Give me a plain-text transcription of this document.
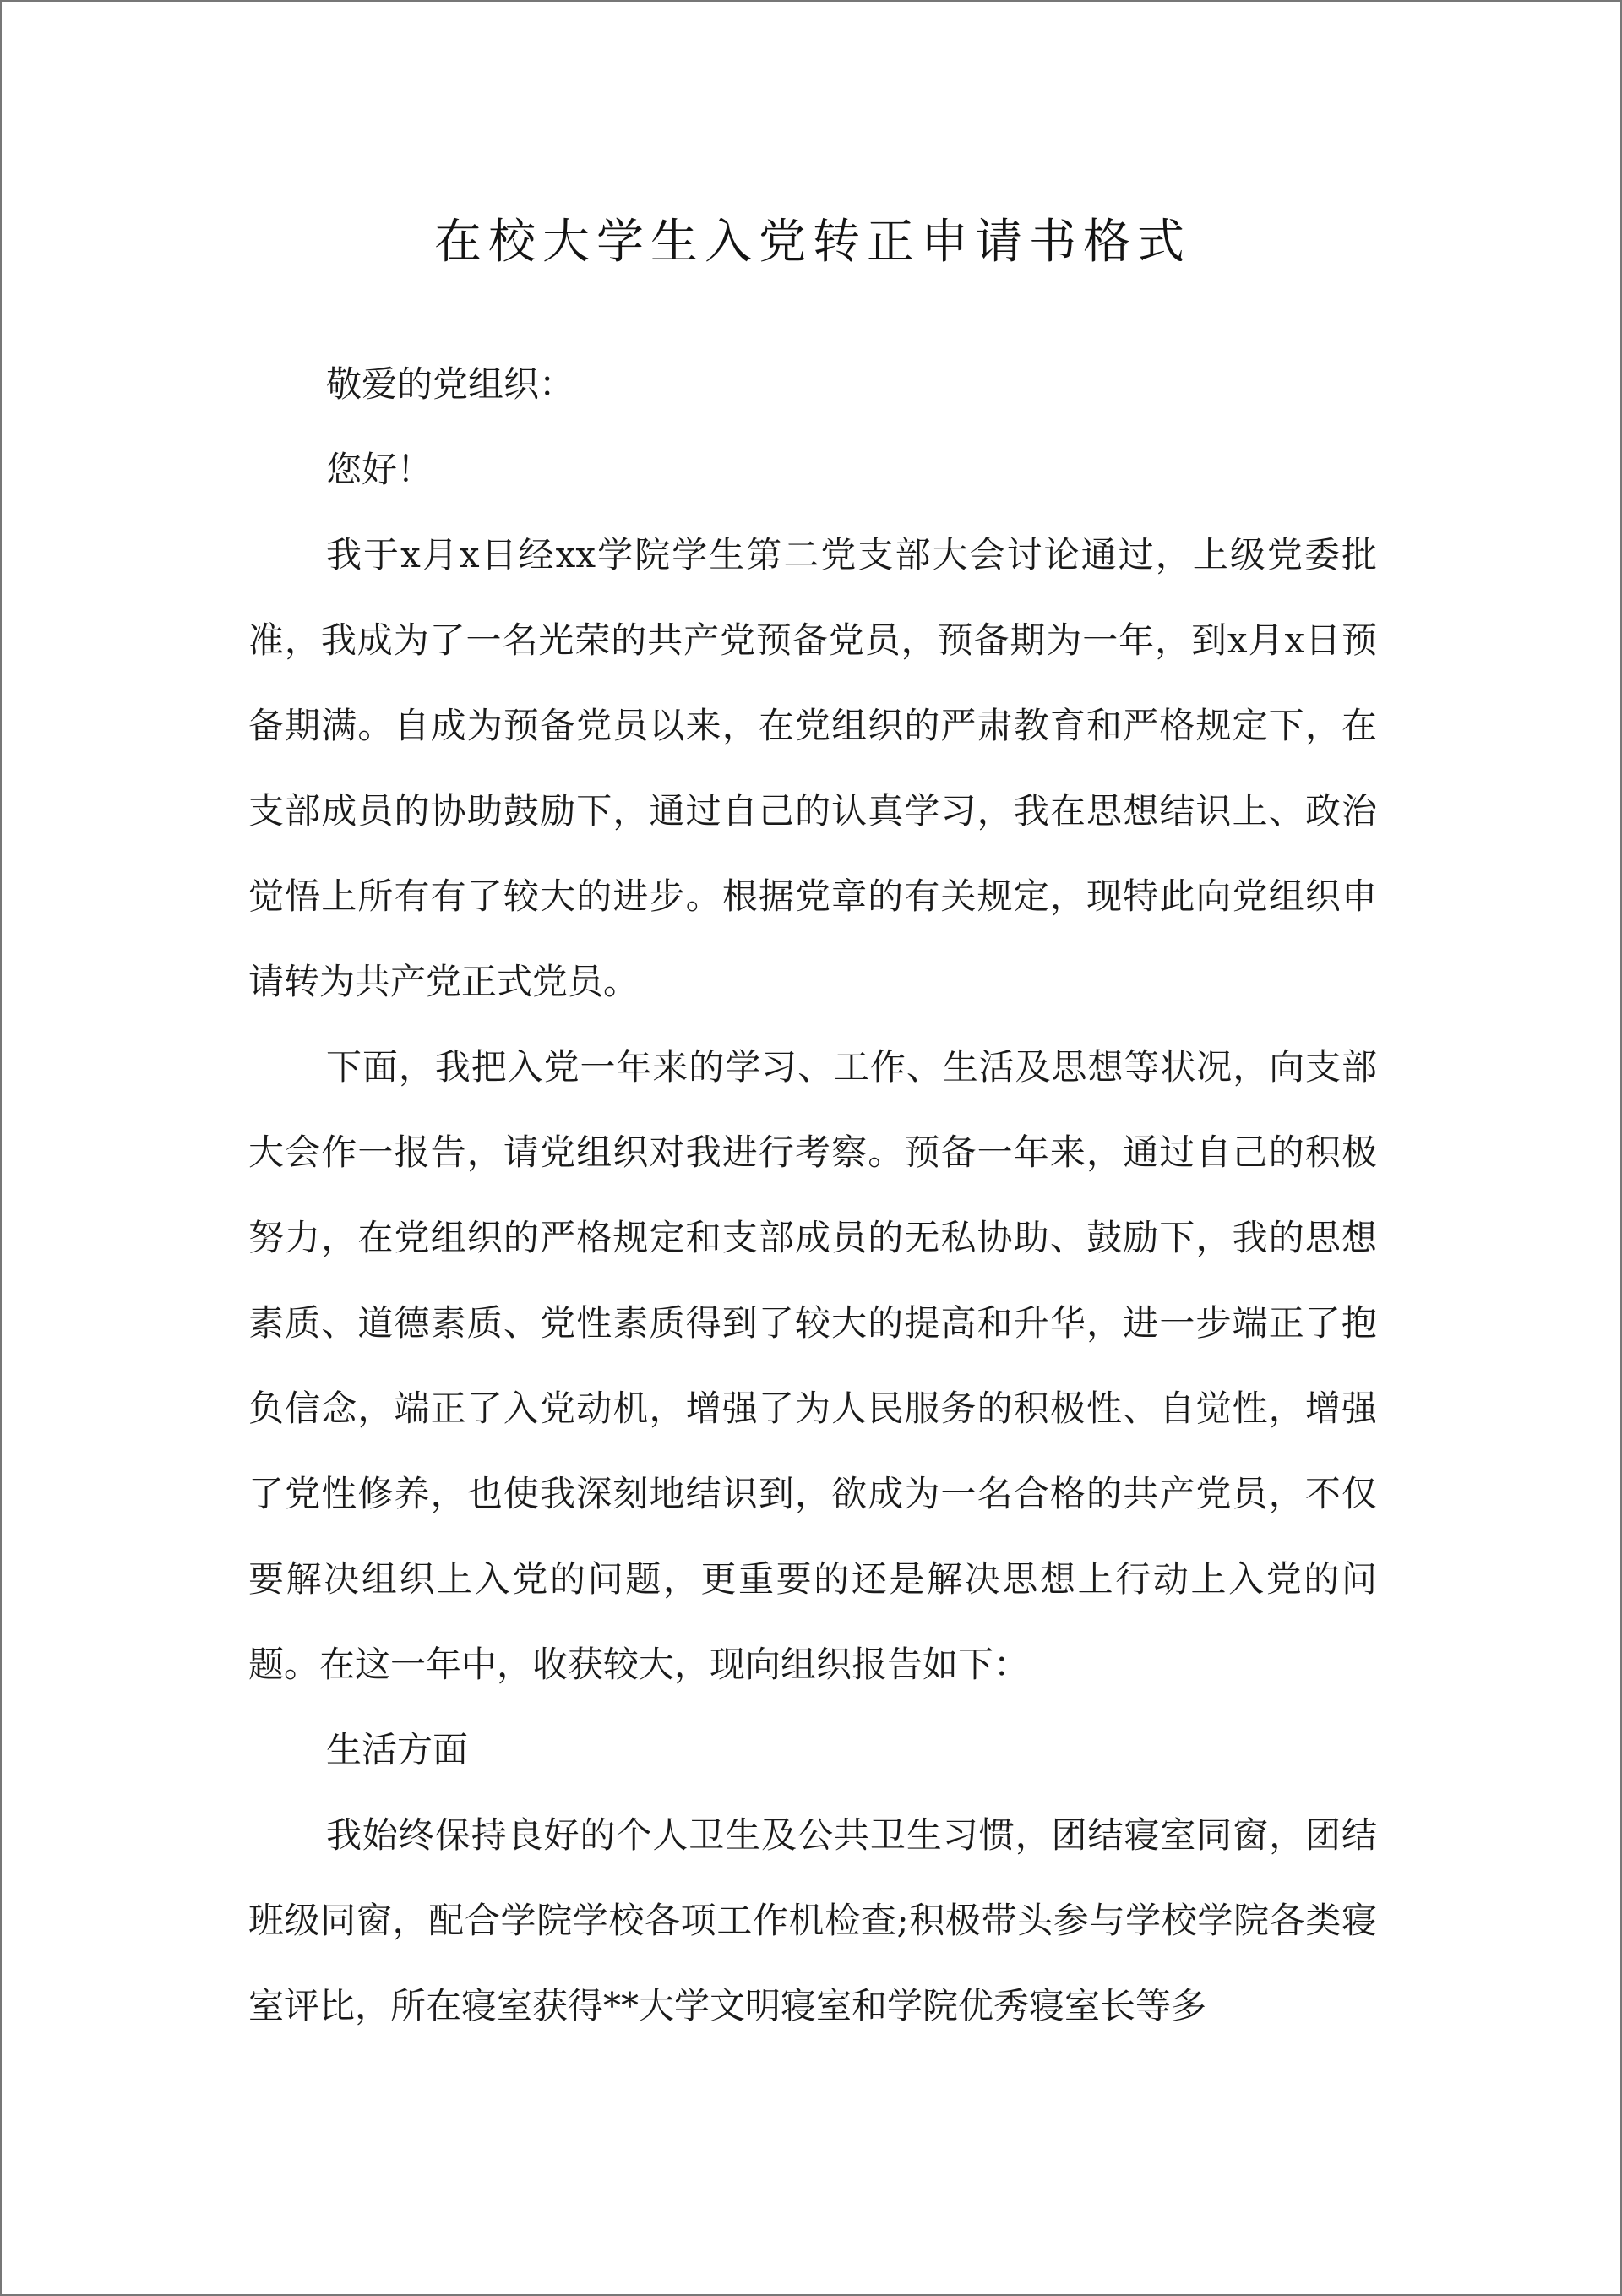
在校大学生入党转正申请书格式

敬爱的党组织：

您好！

我于x月x日经xx学院学生第二党支部大会讨论通过，上级党委批准，我成为了一名光荣的共产党预备党员，预备期为一年，到x月x日预备期满。自成为预备党员以来，在党组织的严肃教育和严格规定下，在支部成员的协助鼓励下，通过自己的认真学习，我在思想结识上、政治觉悟上所有有了较大的进步。根据党章的有关规定，现特此向党组织申请转为共产党正式党员。

下面，我把入党一年来的学习、工作、生活及思想等状况，向支部大会作一报告，请党组织对我进行考察。预备一年来，通过自己的积极努力，在党组织的严格规定和支部成员的无私协助、鼓励下，我的思想素质、道德素质、党性素质得到了较大的提高和升华，进一步端正了抱负信念，端正了入党动机，增强了为人民服务的积极性、自觉性，增强了党性修养，也使我深刻地结识到，欲成为一名合格的共产党员，不仅要解决组织上入党的问题，更重要的还是解决思想上行动上入党的问题。在这一年中，收获较大，现向组织报告如下：

生活方面

我始终保持良好的个人卫生及公共卫生习惯，团结寝室同窗，团结班级同窗，配合学院学校各项工作机检查;积极带头参与学校学院各类寝室评比，所在寝室获得**大学文明寝室和学院优秀寝室长等多
